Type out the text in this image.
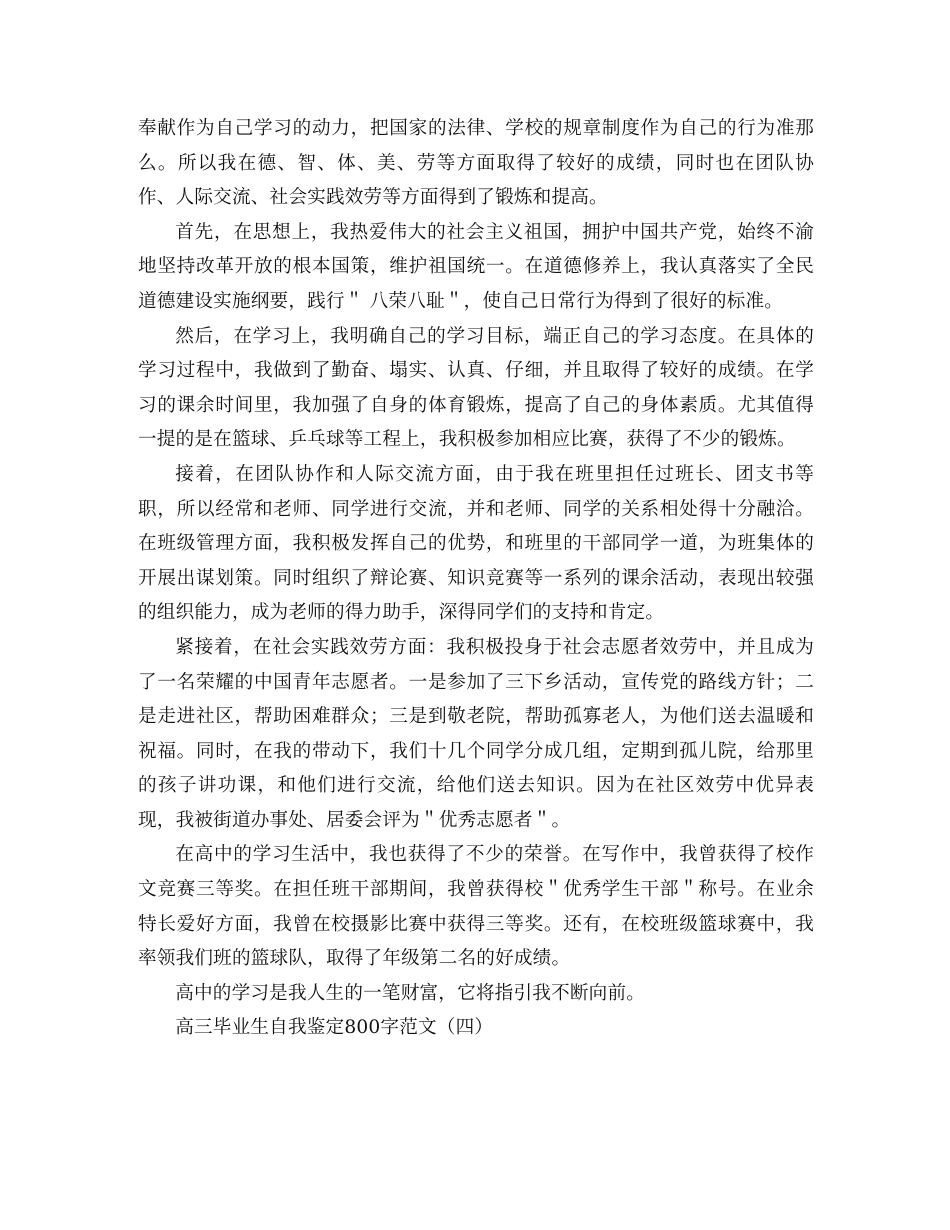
奉献作为自己学习的动力，把国家的法律、学校的规章制度作为自己的行为准那么。所以我在德、智、体、美、劳等方面取得了较好的成绩，同时也在团队协作、人际交流、社会实践效劳等方面得到了锻炼和提高。

首先，在思想上，我热爱伟大的社会主义祖国，拥护中国共产党，始终不渝地坚持改革开放的根本国策，维护祖国统一。在道德修养上，我认真落实了全民道德建设实施纲要，践行＂ 八荣八耻＂，使自己日常行为得到了很好的标准。

然后，在学习上，我明确自己的学习目标，端正自己的学习态度。在具体的学习过程中，我做到了勤奋、塌实、认真、仔细，并且取得了较好的成绩。在学习的课余时间里，我加强了自身的体育锻炼，提高了自己的身体素质。尤其值得一提的是在篮球、乒乓球等工程上，我积极参加相应比赛，获得了不少的锻炼。

接着，在团队协作和人际交流方面，由于我在班里担任过班长、团支书等职，所以经常和老师、同学进行交流，并和老师、同学的关系相处得十分融洽。在班级管理方面，我积极发挥自己的优势，和班里的干部同学一道，为班集体的开展出谋划策。同时组织了辩论赛、知识竞赛等一系列的课余活动，表现出较强的组织能力，成为老师的得力助手，深得同学们的支持和肯定。

紧接着，在社会实践效劳方面：我积极投身于社会志愿者效劳中，并且成为了一名荣耀的中国青年志愿者。一是参加了三下乡活动，宣传党的路线方针；二是走进社区，帮助困难群众；三是到敬老院，帮助孤寡老人，为他们送去温暖和祝福。同时，在我的带动下，我们十几个同学分成几组，定期到孤儿院，给那里的孩子讲功课，和他们进行交流，给他们送去知识。因为在社区效劳中优异表现，我被街道办事处、居委会评为＂优秀志愿者＂。

在高中的学习生活中，我也获得了不少的荣誉。在写作中，我曾获得了校作文竞赛三等奖。在担任班干部期间，我曾获得校＂优秀学生干部＂称号。在业余特长爱好方面，我曾在校摄影比赛中获得三等奖。还有，在校班级篮球赛中，我率领我们班的篮球队，取得了年级第二名的好成绩。

高中的学习是我人生的一笔财富，它将指引我不断向前。

高三毕业生自我鉴定800字范文（四）
